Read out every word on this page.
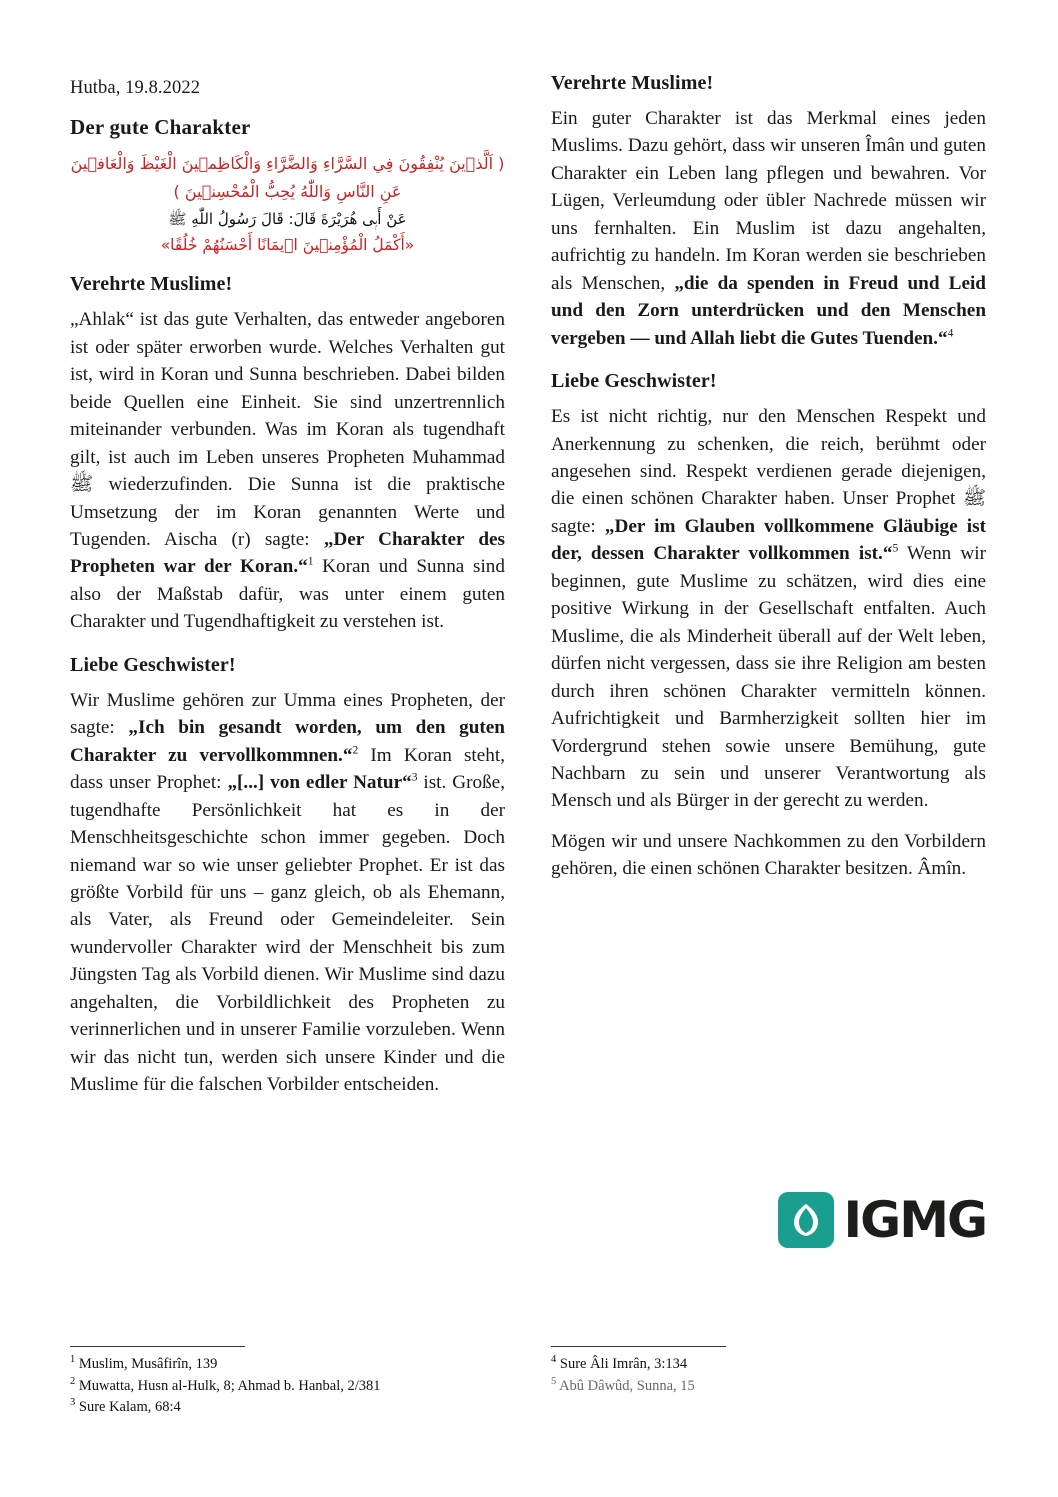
Hutba, 19.8.2022
Der gute Charakter
( اَلَّذٖينَ يُنْفِقُونَ فِي السَّرَّاءِ وَالضَّرَّاءِ وَالْكَاظِمٖينَ الْغَيْظَ وَالْعَافٖينَ
عَنِ النَّاسِ وَاللّٰهُ يُحِبُّ الْمُحْسِنٖينَ )
عَنْ أَبٖى هُرَيْرَةَ قَالَ: قَالَ رَسُولُ اللّٰهِ ﷺ
«أَكْمَلُ الْمُؤْمِنٖينَ اٖيمَانًا أَحْسَنُهُمْ خُلُقًا»
Verehrte Muslime!

„Ahlak“ ist das gute Verhalten, das entweder angeboren ist oder später erworben wurde. Welches Verhalten gut ist, wird in Koran und Sunna beschrieben. Dabei bilden beide Quellen eine Einheit. Sie sind unzertrennlich miteinander verbunden. Was im Koran als tugendhaft gilt, ist auch im Leben unseres Propheten Muhammad ﷺ wiederzufinden. Die Sunna ist die praktische Umsetzung der im Koran genannten Werte und Tugenden. Aischa (r) sagte: „Der Charakter des Propheten war der Koran.“$^1$ Koran und Sunna sind also der Maßstab dafür, was unter einem guten Charakter und Tugendhaftigkeit zu verstehen ist.

Liebe Geschwister!

Wir Muslime gehören zur Umma eines Propheten, der sagte: „Ich bin gesandt worden, um den guten Charakter zu vervollkommnen.“$^2$ Im Koran steht, dass unser Prophet: „[...] von edler Natur“$^3$ ist. Große, tugendhafte Persönlichkeit hat es in der Menschheitsgeschichte schon immer gegeben. Doch niemand war so wie unser geliebter Prophet. Er ist das größte Vorbild für uns – ganz gleich, ob als Ehemann, als Vater, als Freund oder Gemeindeleiter. Sein wundervoller Charakter wird der Menschheit bis zum Jüngsten Tag als Vorbild dienen. Wir Muslime sind dazu angehalten, die Vorbildlichkeit des Propheten zu verinnerlichen und in unserer Familie vorzuleben. Wenn wir das nicht tun, werden sich unsere Kinder und die Muslime für die falschen Vorbilder entscheiden.

Verehrte Muslime!

Ein guter Charakter ist das Merkmal eines jeden Muslims. Dazu gehört, dass wir unseren Îmân und guten Charakter ein Leben lang pflegen und bewahren. Vor Lügen, Verleumdung oder übler Nachrede müssen wir uns fernhalten. Ein Muslim ist dazu angehalten, aufrichtig zu handeln. Im Koran werden sie beschrieben als Menschen, „die da spenden in Freud und Leid und den Zorn unterdrücken und den Menschen vergeben — und Allah liebt die Gutes Tuenden.“$^4$

Liebe Geschwister!

Es ist nicht richtig, nur den Menschen Respekt und Anerkennung zu schenken, die reich, berühmt oder angesehen sind. Respekt verdienen gerade diejenigen, die einen schönen Charakter haben. Unser Prophet ﷺ sagte: „Der im Glauben vollkommene Gläubige ist der, dessen Charakter vollkommen ist.“$^5$ Wenn wir beginnen, gute Muslime zu schätzen, wird dies eine positive Wirkung in der Gesellschaft entfalten. Auch Muslime, die als Minderheit überall auf der Welt leben, dürfen nicht vergessen, dass sie ihre Religion am besten durch ihren schönen Charakter vermitteln können. Aufrichtigkeit und Barmherzigkeit sollten hier im Vordergrund stehen sowie unsere Bemühung, gute Nachbarn zu sein und unserer Verantwortung als Mensch und als Bürger in der gerecht zu werden.

Mögen wir und unsere Nachkommen zu den Vorbildern gehören, die einen schönen Charakter besitzen. Âmîn.

IGMG

$^1$ Muslim, Musâfirîn, 139

$^2$ Muwatta, Husn al-Hulk, 8; Ahmad b. Hanbal, 2/381

$^3$ Sure Kalam, 68:4

$^4$ Sure Âli Imrân, 3:134

$^5$ Abû Dâwûd, Sunna, 15
